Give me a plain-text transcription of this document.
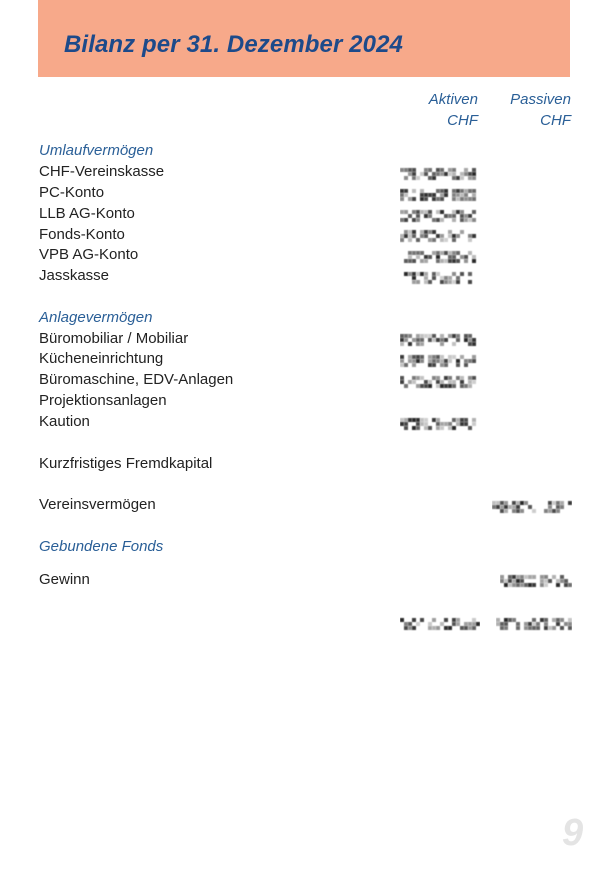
Bilanz per 31. Dezember 2024
Aktiven
CHF
Passiven
CHF
Umlaufvermögen
CHF-Vereinskasse
PC-Konto
LLB AG-Konto
Fonds-Konto
VPB AG-Konto
Jasskasse
Anlagevermögen
Büromobiliar / Mobiliar
Kücheneinrichtung
Büromaschine, EDV-Anlagen
Projektionsanlagen
Kaution
Kurzfristiges Fremdkapital
Vereinsvermögen
Gebundene Fonds
Gewinn
9
